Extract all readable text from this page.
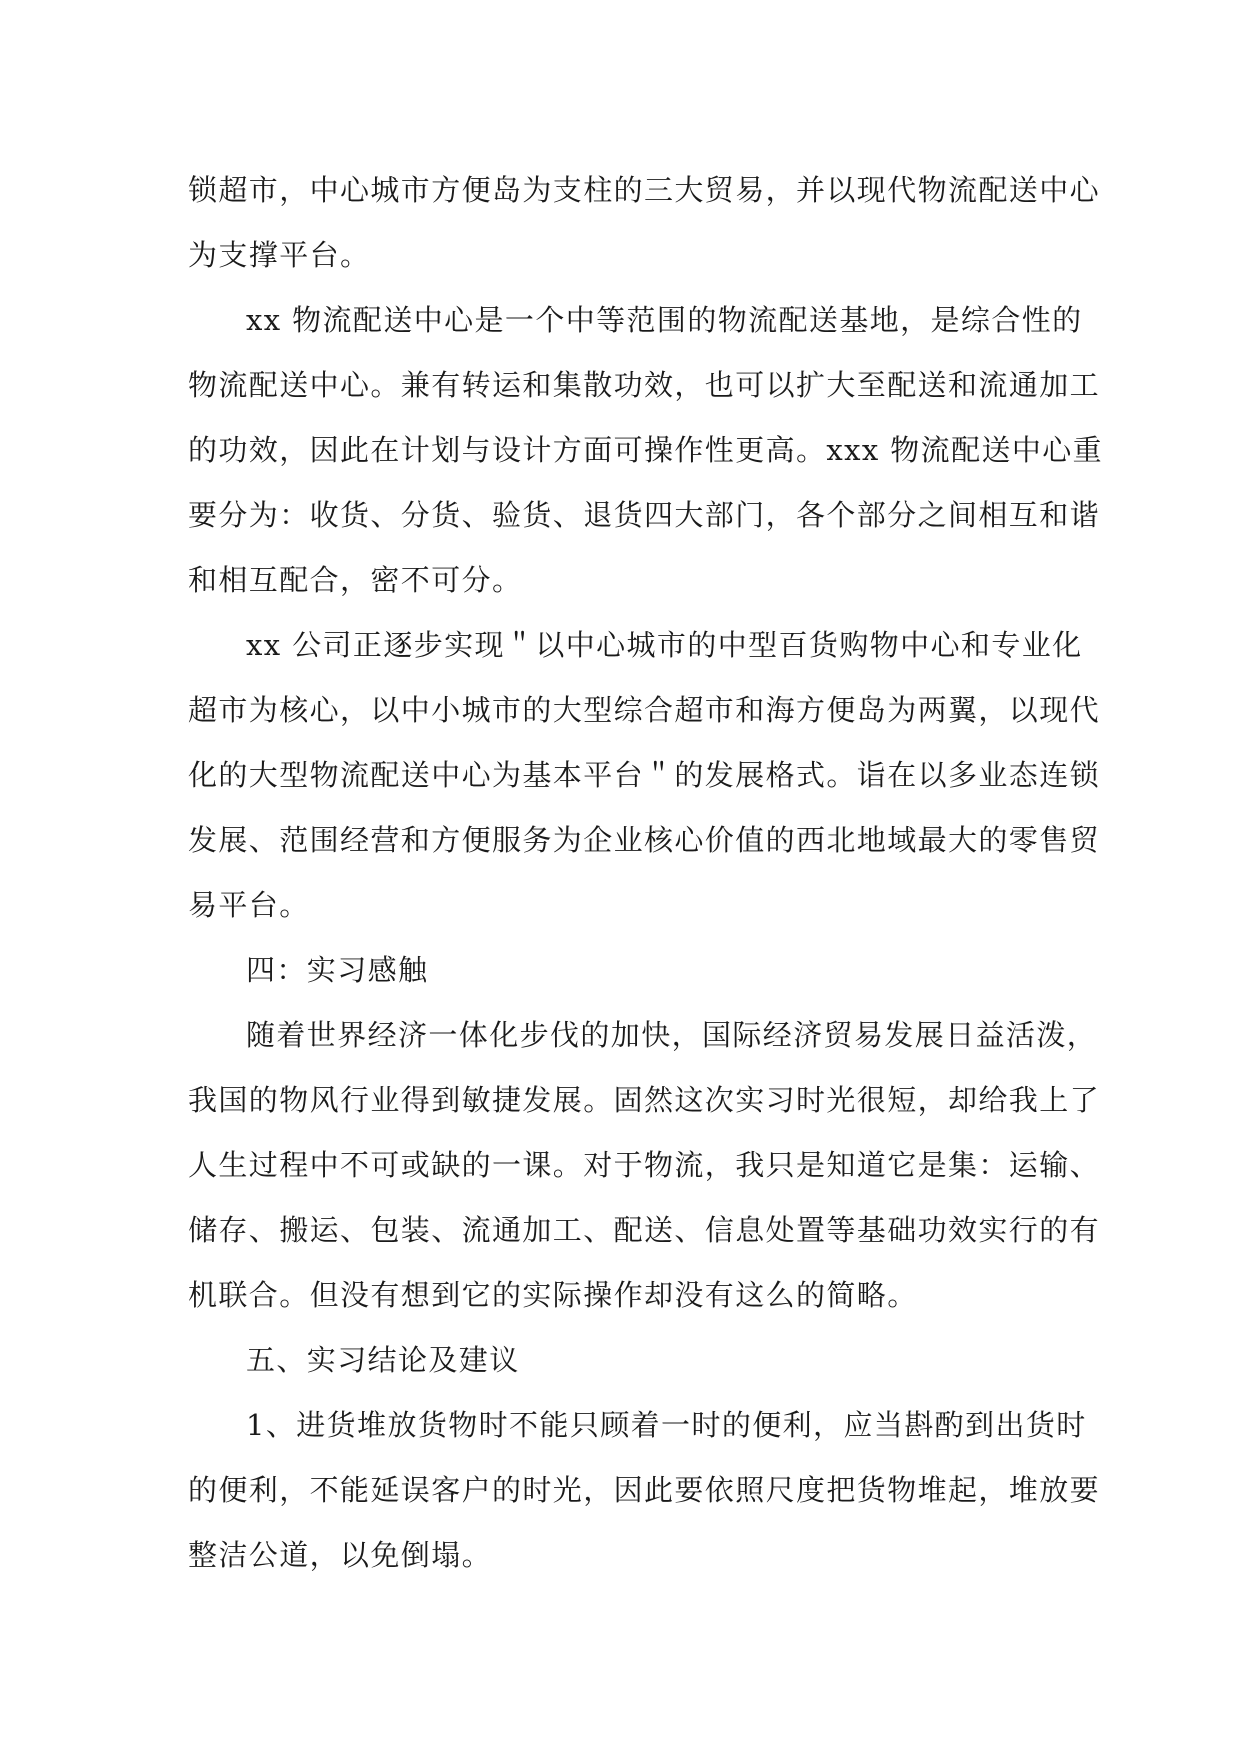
锁超市，中心城市方便岛为支柱的三大贸易，并以现代物流配送中心

为支撑平台。

xx 物流配送中心是一个中等范围的物流配送基地，是综合性的

物流配送中心。兼有转运和集散功效，也可以扩大至配送和流通加工

的功效，因此在计划与设计方面可操作性更高。xxx 物流配送中心重

要分为：收货、分货、验货、退货四大部门，各个部分之间相互和谐

和相互配合，密不可分。

xx 公司正逐步实现＂以中心城市的中型百货购物中心和专业化

超市为核心，以中小城市的大型综合超市和海方便岛为两翼，以现代

化的大型物流配送中心为基本平台＂的发展格式。诣在以多业态连锁

发展、范围经营和方便服务为企业核心价值的西北地域最大的零售贸

易平台。

四：实习感触

随着世界经济一体化步伐的加快，国际经济贸易发展日益活泼，

我国的物风行业得到敏捷发展。固然这次实习时光很短，却给我上了

人生过程中不可或缺的一课。对于物流，我只是知道它是集：运输、

储存、搬运、包装、流通加工、配送、信息处置等基础功效实行的有

机联合。但没有想到它的实际操作却没有这么的简略。

五、实习结论及建议

1、进货堆放货物时不能只顾着一时的便利，应当斟酌到出货时

的便利，不能延误客户的时光，因此要依照尺度把货物堆起，堆放要

整洁公道，以免倒塌。
